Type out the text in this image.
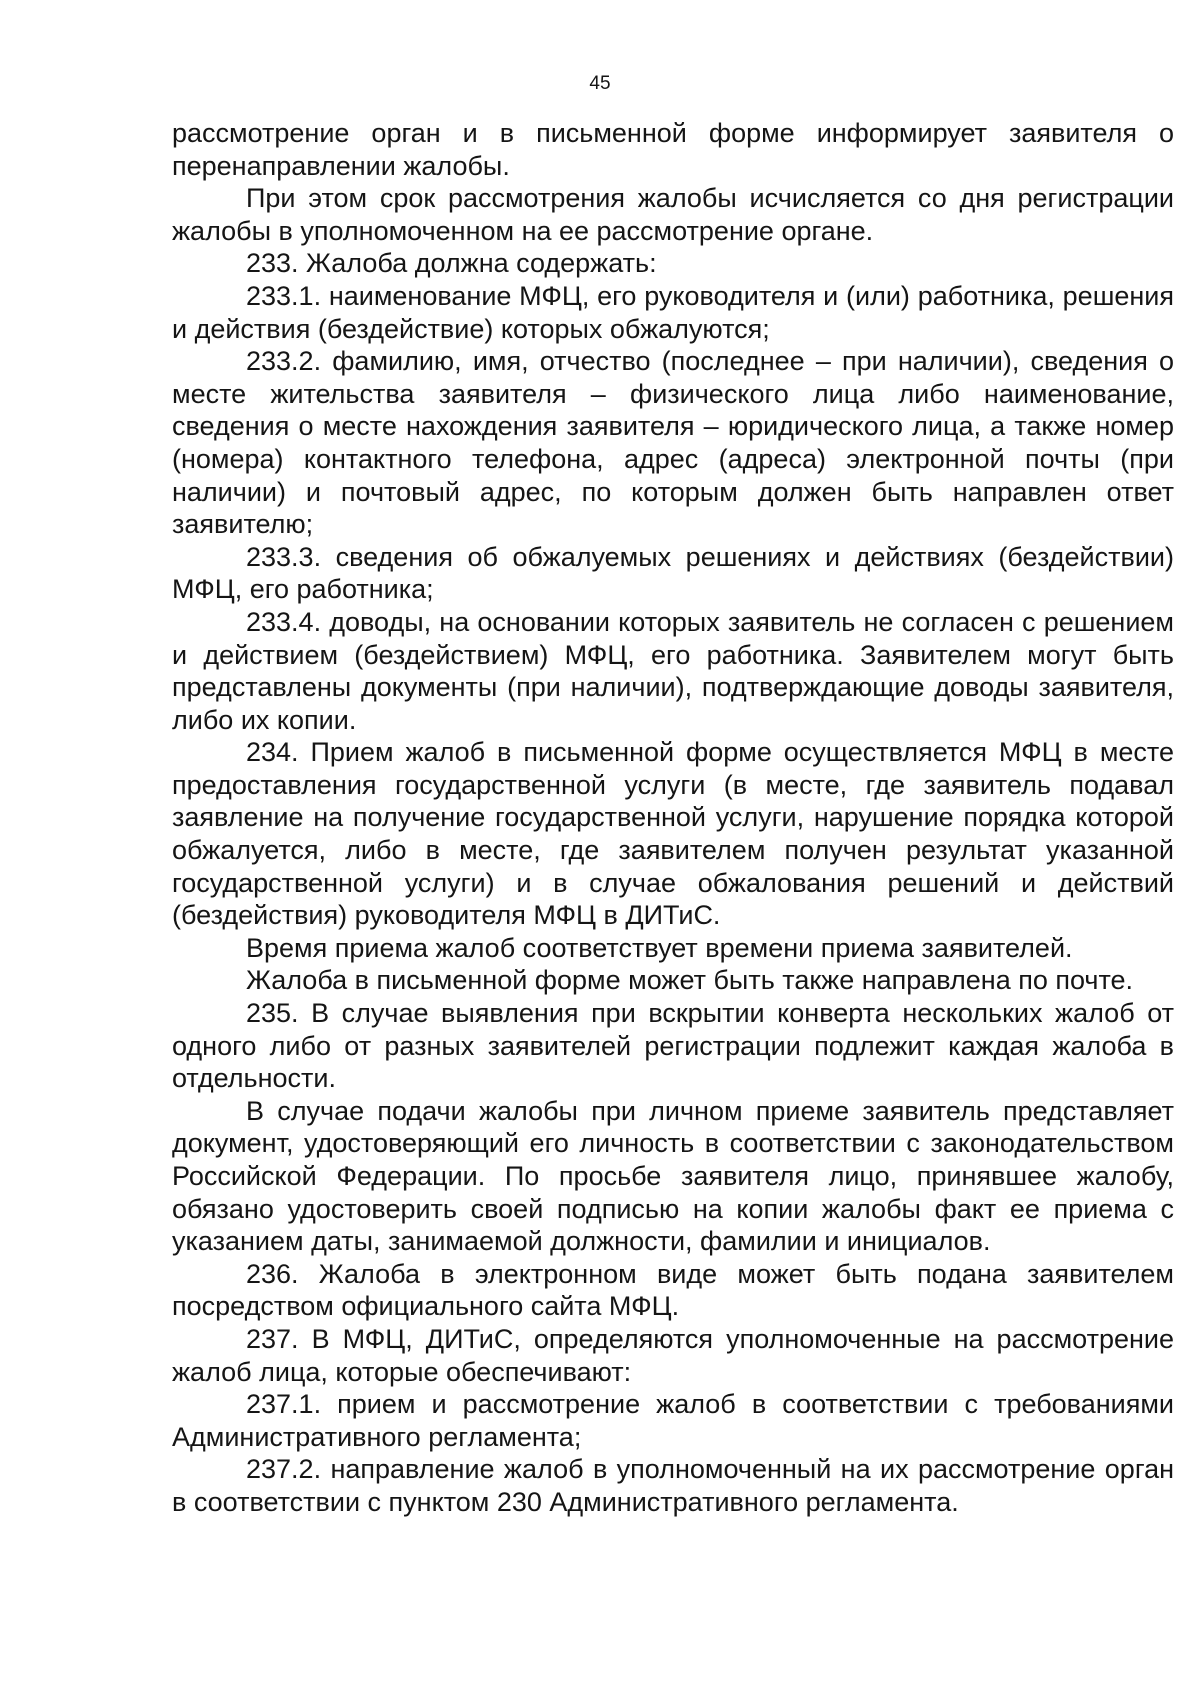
45

рассмотрение орган и в письменной форме информирует заявителя о перенаправлении жалобы.

При этом срок рассмотрения жалобы исчисляется со дня регистрации жалобы в уполномоченном на ее рассмотрение органе.

233. Жалоба должна содержать:

233.1. наименование МФЦ, его руководителя и (или) работника, решения и действия (бездействие) которых обжалуются;

233.2. фамилию, имя, отчество (последнее – при наличии), сведения о месте жительства заявителя – физического лица либо наименование, сведения о месте нахождения заявителя – юридического лица, а также номер (номера) контактного телефона, адрес (адреса) электронной почты (при наличии) и почтовый адрес, по которым должен быть направлен ответ заявителю;

233.3. сведения об обжалуемых решениях и действиях (бездействии) МФЦ, его работника;

233.4. доводы, на основании которых заявитель не согласен с решением и действием (бездействием) МФЦ, его работника. Заявителем могут быть представлены документы (при наличии), подтверждающие доводы заявителя, либо их копии.

234. Прием жалоб в письменной форме осуществляется МФЦ в месте предоставления государственной услуги (в месте, где заявитель подавал заявление на получение государственной услуги, нарушение порядка которой обжалуется, либо в месте, где заявителем получен результат указанной государственной услуги) и в случае обжалования решений и действий (бездействия) руководителя МФЦ в ДИТиС.

Время приема жалоб соответствует времени приема заявителей.

Жалоба в письменной форме может быть также направлена по почте.

235. В случае выявления при вскрытии конверта нескольких жалоб от одного либо от разных заявителей регистрации подлежит каждая жалоба в отдельности.

В случае подачи жалобы при личном приеме заявитель представляет документ, удостоверяющий его личность в соответствии с законодательством Российской Федерации. По просьбе заявителя лицо, принявшее жалобу, обязано удостоверить своей подписью на копии жалобы факт ее приема с указанием даты, занимаемой должности, фамилии и инициалов.

236. Жалоба в электронном виде может быть подана заявителем посредством официального сайта МФЦ.

237. В МФЦ, ДИТиС, определяются уполномоченные на рассмотрение жалоб лица, которые обеспечивают:

237.1. прием и рассмотрение жалоб в соответствии с требованиями Административного регламента;

237.2. направление жалоб в уполномоченный на их рассмотрение орган в соответствии с пунктом 230 Административного регламента.
